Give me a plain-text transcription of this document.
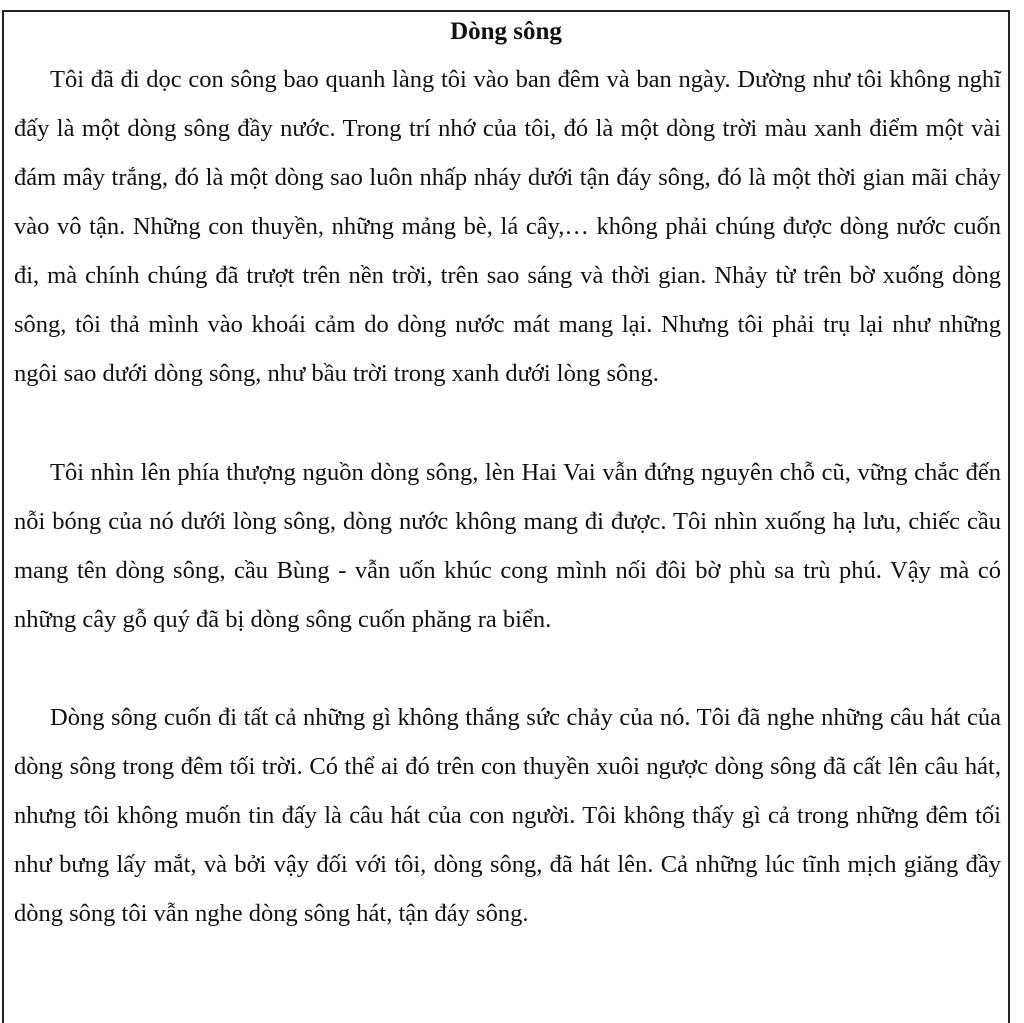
Dòng sông

Tôi đã đi dọc con sông bao quanh làng tôi vào ban đêm và ban ngày. Dường như tôi không nghĩ đấy là một dòng sông đầy nước. Trong trí nhớ của tôi, đó là một dòng trời màu xanh điểm một vài đám mây trắng, đó là một dòng sao luôn nhấp nháy dưới tận đáy sông, đó là một thời gian mãi chảy vào vô tận. Những con thuyền, những mảng bè, lá cây,… không phải chúng được dòng nước cuốn đi, mà chính chúng đã trượt trên nền trời, trên sao sáng và thời gian. Nhảy từ trên bờ xuống dòng sông, tôi thả mình vào khoái cảm do dòng nước mát mang lại. Nhưng tôi phải trụ lại như những ngôi sao dưới dòng sông, như bầu trời trong xanh dưới lòng sông.

Tôi nhìn lên phía thượng nguồn dòng sông, lèn Hai Vai vẫn đứng nguyên chỗ cũ, vững chắc đến nỗi bóng của nó dưới lòng sông, dòng nước không mang đi được. Tôi nhìn xuống hạ lưu, chiếc cầu mang tên dòng sông, cầu Bùng - vẫn uốn khúc cong mình nối đôi bờ phù sa trù phú. Vậy mà có những cây gỗ quý đã bị dòng sông cuốn phăng ra biển.

Dòng sông cuốn đi tất cả những gì không thắng sức chảy của nó. Tôi đã nghe những câu hát của dòng sông trong đêm tối trời. Có thể ai đó trên con thuyền xuôi ngược dòng sông đã cất lên câu hát, nhưng tôi không muốn tin đấy là câu hát của con người. Tôi không thấy gì cả trong những đêm tối như bưng lấy mắt, và bởi vậy đối với tôi, dòng sông, đã hát lên. Cả những lúc tĩnh mịch giăng đầy dòng sông tôi vẫn nghe dòng sông hát, tận đáy sông.
